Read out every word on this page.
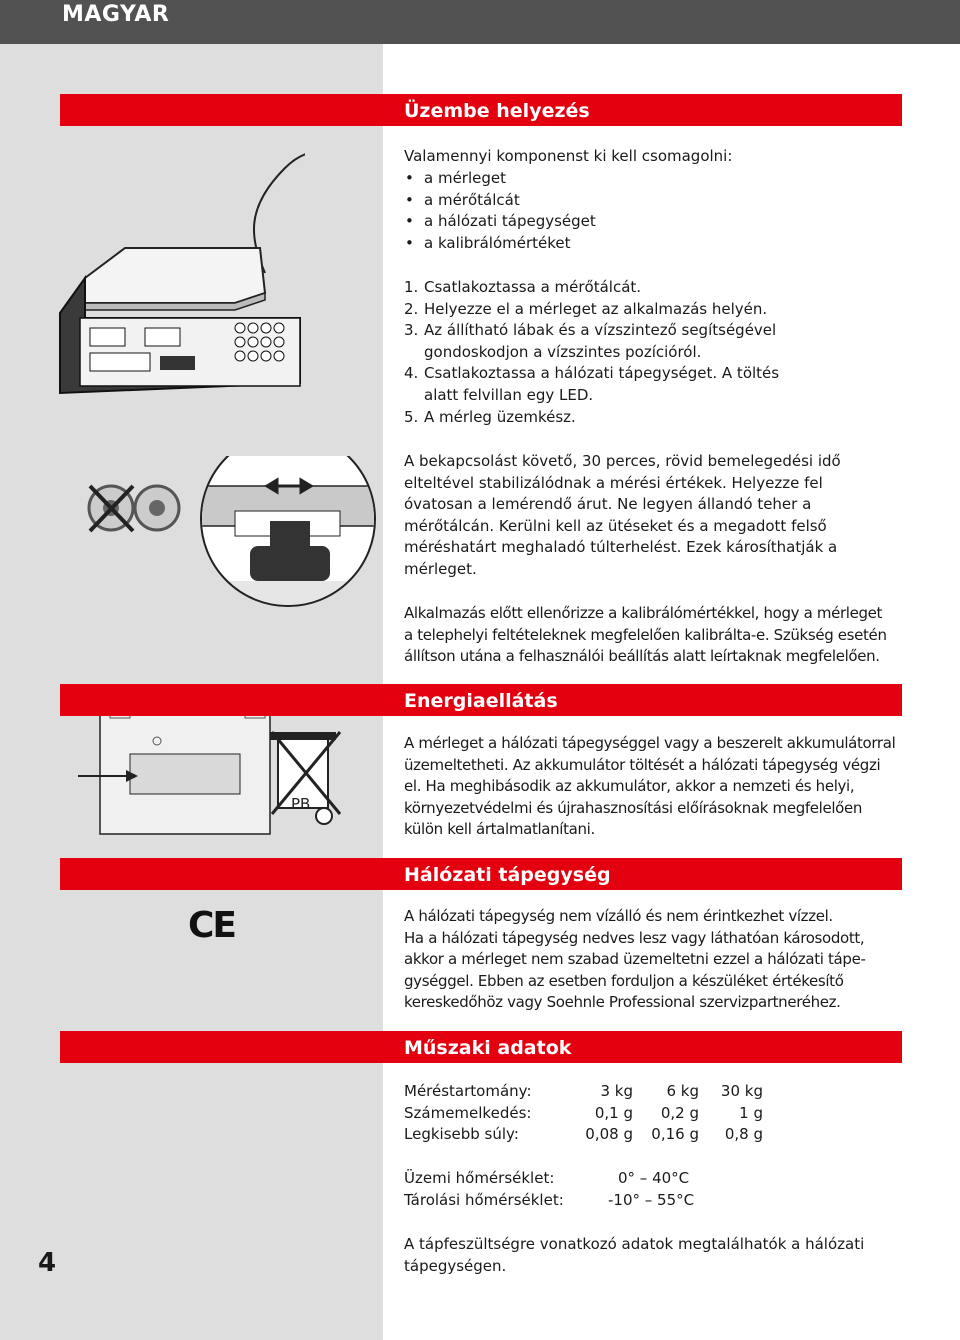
MAGYAR
PB
CE
Üzembe helyezés
Valamennyi komponenst ki kell csomagolni:
• a mérleget
• a mérőtálcát
• a hálózati tápegységet
• a kalibrálómértéket
1. Csatlakoztassa a mérőtálcát.
2. Helyezze el a mérleget az alkalmazás helyén.
3. Az állítható lábak és a vízszintező segítségével
gondoskodjon a vízszintes pozícióról.
4. Csatlakoztassa a hálózati tápegységet. A töltés
alatt felvillan egy LED.
5. A mérleg üzemkész.

A bekapcsolást követő, 30 perces, rövid bemelegedési idő

elteltével stabilizálódnak a mérési értékek. Helyezze fel

óvatosan a lemérendő árut. Ne legyen állandó teher a

mérőtálcán. Kerülni kell az ütéseket és a megadott felső

méréshatárt meghaladó túlterhelést. Ezek károsíthatják a

mérleget.

Alkalmazás előtt ellenőrizze a kalibrálómértékkel, hogy a mérleget

a telephelyi feltételeknek megfelelően kalibrálta-e. Szükség esetén

állítson utána a felhasználói beállítás alatt leírtaknak megfelelően.

Energiaellátás

A mérleget a hálózati tápegységgel vagy a beszerelt akkumulátorral

üzemeltetheti. Az akkumulátor töltését a hálózati tápegység végzi

el. Ha meghibásodik az akkumulátor, akkor a nemzeti és helyi,

környezetvédelmi és újrahasznosítási előírásoknak megfelelően

külön kell ártalmatlanítani.

Hálózati tápegység

A hálózati tápegység nem vízálló és nem érintkezhet vízzel.

Ha a hálózati tápegység nedves lesz vagy láthatóan károsodott,

akkor a mérleget nem szabad üzemeltetni ezzel a hálózati tápe-

gységgel. Ebben az esetben forduljon a készüléket értékesítő

kereskedőhöz vagy Soehnle Professional szervizpartneréhez.

Műszaki adatok
Méréstartomány:	3 kg	6 kg	30 kg
Számemelkedés:	0,1 g	0,2 g	1 g
Legkisebb súly:	0,08 g	0,16 g	0,8 g
Üzemi hőmérséklet:	0° – 40°C
Tárolási hőmérséklet:	-10° – 55°C

A tápfeszültségre vonatkozó adatok megtalálhatók a hálózati

tápegységen.

4
